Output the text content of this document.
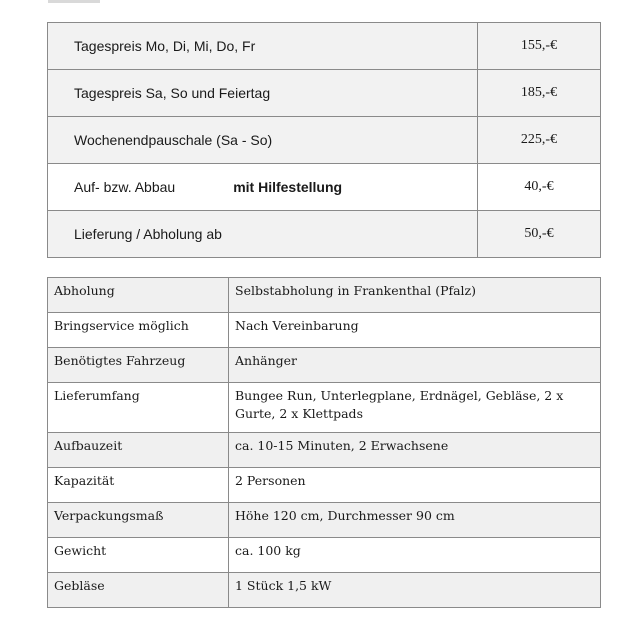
Tagespreis Mo, Di, Mi, Do, Fr	155,-€
Tagespreis Sa, So und Feiertag	185,-€
Wochenendpauschale (Sa - So)	225,-€
Auf- bzw. Abbau mit Hilfestellung	40,-€
Lieferung / Abholung ab	50,-€
Abholung	Selbstabholung in Frankenthal (Pfalz)
Bringservice möglich	Nach Vereinbarung
Benötigtes Fahrzeug	Anhänger
Lieferumfang	Bungee Run, Unterlegplane, Erdnägel, Gebläse, 2 x Gurte, 2 x Klettpads
Aufbauzeit	ca. 10-15 Minuten, 2 Erwachsene
Kapazität	2 Personen
Verpackungsmaß	Höhe 120 cm, Durchmesser 90 cm
Gewicht	ca. 100 kg
Gebläse	1 Stück 1,5 kW
